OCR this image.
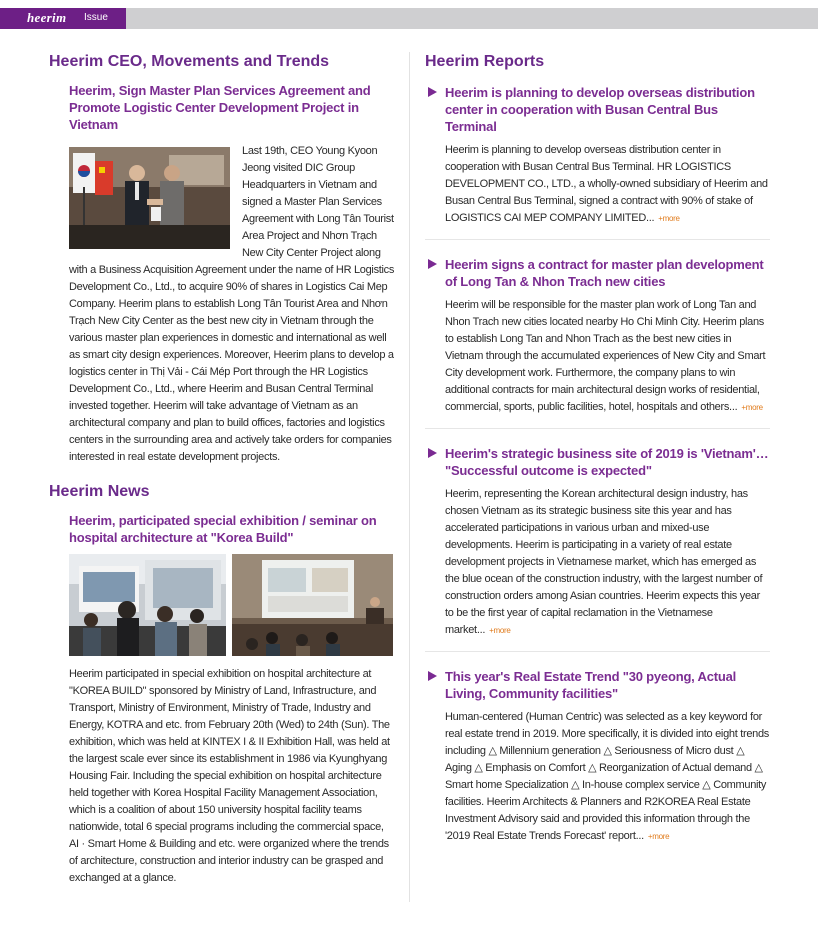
heerim Issue
Heerim CEO, Movements and Trends
Heerim, Sign Master Plan Services Agreement and Promote Logistic Center Development Project in Vietnam
Last 19th, CEO Young Kyoon Jeong visited DIC Group Headquarters in Vietnam and signed a Master Plan Services Agreement with Long Tân Tourist Area Project and Nhơn Trạch New City Center Project along with a Business Acquisition Agreement under the name of HR Logistics Development Co., Ltd., to acquire 90% of shares in Logistics Cai Mep Company. Heerim plans to establish Long Tân Tourist Area and Nhơn Trạch New City Center as the best new city in Vietnam through the various master plan experiences in domestic and international as well as smart city design experiences. Moreover, Heerim plans to develop a logistics center in Thị Vải - Cái Mép Port through the HR Logistics Development Co., Ltd., where Heerim and Busan Central Terminal invested together. Heerim will take advantage of Vietnam as an architectural company and plan to build offices, factories and logistics centers in the surrounding area and actively take orders for companies interested in real estate development projects.
Heerim News
Heerim, participated special exhibition / seminar on hospital architecture at "Korea Build"

Heerim participated in special exhibition on hospital architecture at "KOREA BUILD" sponsored by Ministry of Land, Infrastructure, and Transport, Ministry of Environment, Ministry of Trade, Industry and Energy, KOTRA and etc. from February 20th (Wed) to 24th (Sun). The exhibition, which was held at KINTEX I & II Exhibition Hall, was held at the largest scale ever since its establishment in 1986 via Kyunghyang Housing Fair. Including the special exhibition on hospital architecture held together with Korea Hospital Facility Management Association, which is a coalition of about 150 university hospital facility teams nationwide, total 6 special programs including the commercial space, AI · Smart Home & Building and etc. were organized where the trends of architecture, construction and interior industry can be grasped and exchanged at a glance.

Heerim Reports
Heerim is planning to develop overseas distribution center in cooperation with Busan Central Bus Terminal

Heerim is planning to develop overseas distribution center in cooperation with Busan Central Bus Terminal. HR LOGISTICS DEVELOPMENT CO., LTD., a wholly-owned subsidiary of Heerim and Busan Central Bus Terminal, signed a contract with 90% of stake of LOGISTICS CAI MEP COMPANY LIMITED... +more

Heerim signs a contract for master plan development of Long Tan & Nhon Trach new cities

Heerim will be responsible for the master plan work of Long Tan and Nhon Trach new cities located nearby Ho Chi Minh City. Heerim plans to establish Long Tan and Nhon Trach as the best new cities in Vietnam through the accumulated experiences of New City and Smart City development work. Furthermore, the company plans to win additional contracts for main architectural design works of residential, commercial, sports, public facilities, hotel, hospitals and others... +more

Heerim's strategic business site of 2019 is 'Vietnam'… "Successful outcome is expected"

Heerim, representing the Korean architectural design industry, has chosen Vietnam as its strategic business site this year and has accelerated participations in various urban and mixed-use developments. Heerim is participating in a variety of real estate development projects in Vietnamese market, which has emerged as the blue ocean of the construction industry, with the largest number of construction orders among Asian countries. Heerim expects this year to be the first year of capital reclamation in the Vietnamese market... +more

This year's Real Estate Trend "30 pyeong, Actual Living, Community facilities"

Human-centered (Human Centric) was selected as a key keyword for real estate trend in 2019. More specifically, it is divided into eight trends including △ Millennium generation △ Seriousness of Micro dust △ Aging △ Emphasis on Comfort △ Reorganization of Actual demand △ Smart home Specialization △ In-house complex service △ Community facilities. Heerim Architects & Planners and R2KOREA Real Estate Investment Advisory said and provided this information through the '2019 Real Estate Trends Forecast' report... +more
